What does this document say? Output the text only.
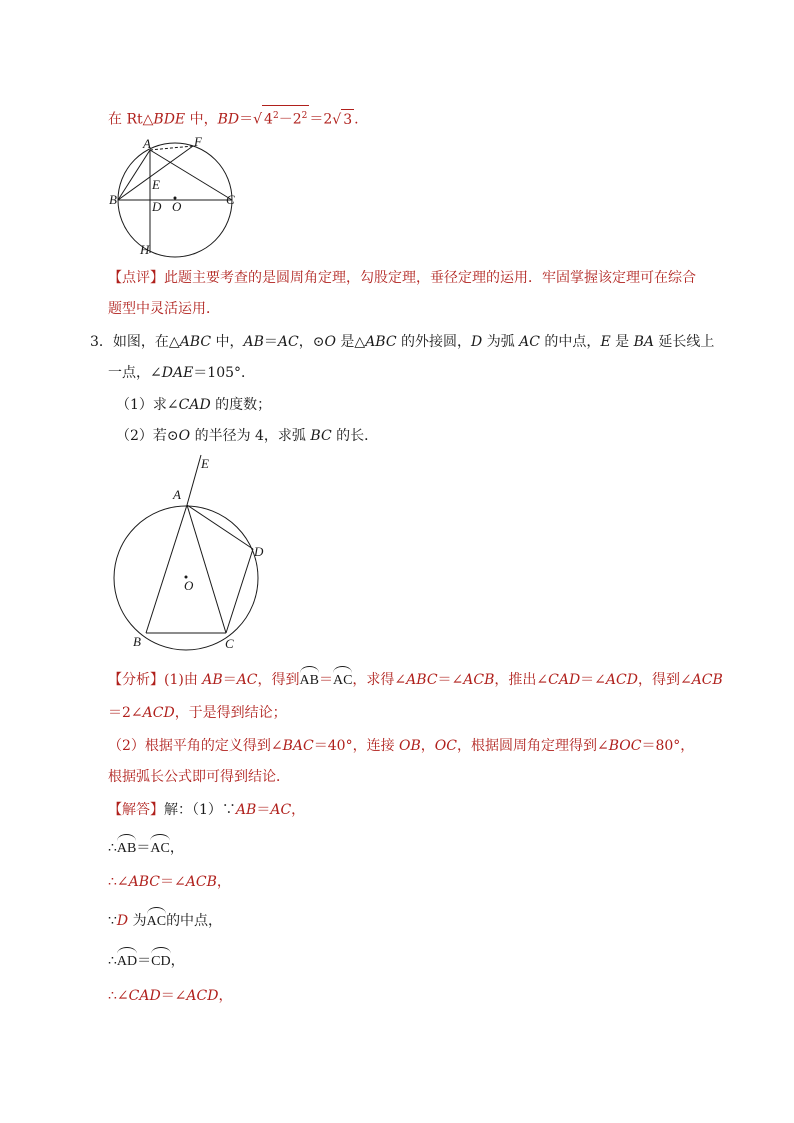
在 Rt△BDE 中，BD＝√ $4^2-2^2 =2√$ 3 .
A	F
E
B	D O	C
H
【点评】此题主要考查的是圆周角定理，勾股定理，垂径定理的运用．牢固掌握该定理可在综合
题型中灵活运用．
3．如图，在△ABC 中，AB＝AC，⊙O 是△ABC 的外接圆，D 为弧 AC 的中点，E 是 BA 延长线上
一点，∠DAE＝105°．
（1）求∠CAD 的度数；
（2）若⊙O 的半径为 4，求弧 BC 的长．
E
A
D
O
B	C
【分析】(1)由 AB＝AC，得到AB＝AC，求得∠ABC＝∠ACB，推出∠CAD＝∠ACD，得到∠ACB
＝2∠ACD，于是得到结论；
（2）根据平角的定义得到∠BAC＝40°，连接 OB，OC，根据圆周角定理得到∠BOC＝80°，
根据弧长公式即可得到结论．
【解答】解：（1）∵AB＝AC，
∴AB＝AC，
∴∠ABC＝∠ACB，
∵D 为AC的中点，
∴AD＝CD，
∴∠CAD＝∠ACD，
